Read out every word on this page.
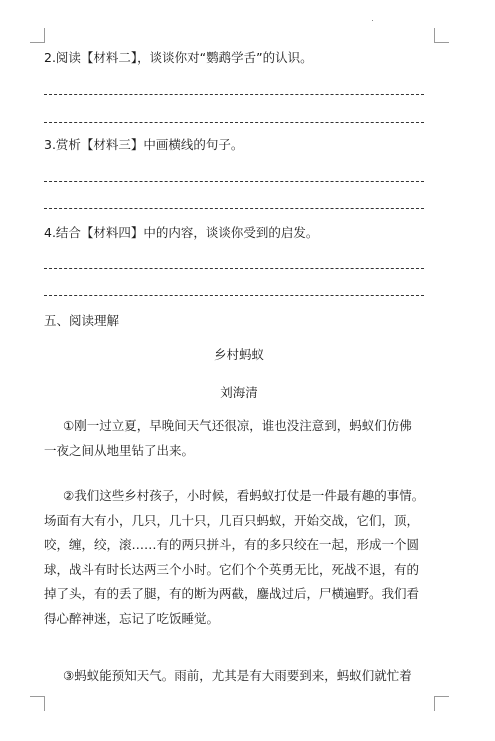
2.阅读【材料二】，谈谈你对“鹦鹉学舌”的认识。
3.赏析【材料三】中画横线的句子。
4.结合【材料四】中的内容，谈谈你受到的启发。
五、阅读理解
乡村蚂蚁
刘海清
①刚一过立夏，早晚间天气还很凉，谁也没注意到，蚂蚁们仿佛
一夜之间从地里钻了出来。
②我们这些乡村孩子，小时候，看蚂蚁打仗是一件最有趣的事情。
场面有大有小，几只，几十只，几百只蚂蚁，开始交战，它们，顶，
咬，缠，绞，滚……有的两只拼斗，有的多只绞在一起，形成一个圆
球，战斗有时长达两三个小时。它们个个英勇无比，死战不退，有的
掉了头，有的丢了腿，有的断为两截，鏖战过后，尸横遍野。我们看
得心醉神迷，忘记了吃饭睡觉。
③蚂蚁能预知天气。雨前，尤其是有大雨要到来，蚂蚁们就忙着
